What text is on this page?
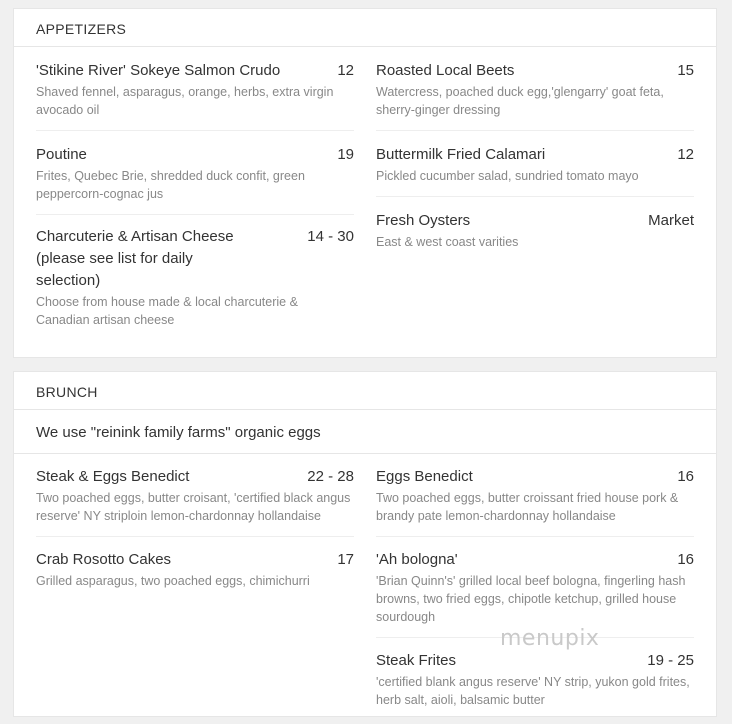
APPETIZERS
'Stikine River' Sokeye Salmon Crudo	12
Shaved fennel, asparagus, orange, herbs, extra virgin avocado oil
Poutine	19
Frites, Quebec Brie, shredded duck confit, green peppercorn-cognac jus
Charcuterie & Artisan Cheese (please see list for daily selection)
14 - 30
Choose from house made & local charcuterie & Canadian artisan cheese
Roasted Local Beets	15
Watercress, poached duck egg,'glengarry' goat feta, sherry-ginger dressing
Buttermilk Fried Calamari	12
Pickled cucumber salad, sundried tomato mayo
Fresh Oysters	Market
East & west coast varities
BRUNCH
We use "reinink family farms" organic eggs
Steak & Eggs Benedict	22 - 28
Two poached eggs, butter croisant, 'certified black angus reserve' NY striploin lemon-chardonnay hollandaise
Crab Rosotto Cakes	17
Grilled asparagus, two poached eggs, chimichurri
Eggs Benedict	16
Two poached eggs, butter croissant fried house pork & brandy pate lemon-chardonnay hollandaise
'Ah bologna'	16
'Brian Quinn's' grilled local beef bologna, fingerling hash browns, two fried eggs, chipotle ketchup, grilled house sourdough
Steak Frites	19 - 25
'certified blank angus reserve' NY strip, yukon gold frites, herb salt, aioli, balsamic butter
menupix
